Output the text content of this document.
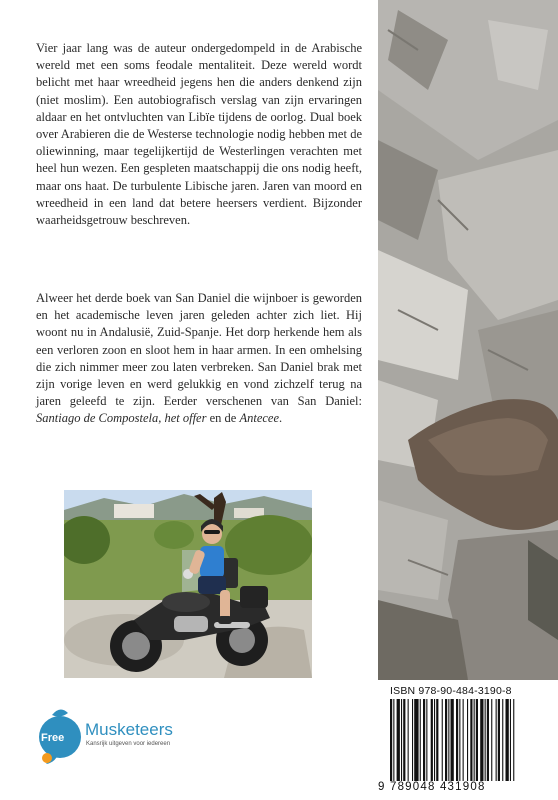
Vier jaar lang was de auteur ondergedompeld in de Arabische wereld met een soms feodale mentaliteit. Deze wereld wordt belicht met haar wreedheid jegens hen die anders denkend zijn (niet moslim). Een autobiografisch verslag van zijn ervaringen aldaar en het ontvluchten van Libïe tijdens de oorlog. Dual boek over Arabieren die de Westerse technologie nodig hebben met de oliewinning, maar tegelijkertijd de Westerlingen verachten met heel hun wezen. Een gespleten maatschappij die ons nodig heeft, maar ons haat. De turbulente Libische jaren. Jaren van moord en wreedheid in een land dat betere heersers verdient. Bijzonder waarheidsgetrouw beschreven.

Alweer het derde boek van San Daniel die wijnboer is geworden en het academische leven jaren geleden achter zich liet. Hij woont nu in Andalusië, Zuid-Spanje. Het dorp herkende hem als een verloren zoon en sloot hem in haar armen. In een omhelsing die zich nimmer meer zou laten verbreken. San Daniel brak met zijn vorige leven en werd gelukkig en vond zichzelf terug na jaren geleefd te zijn. Eerder verschenen van San Daniel: Santiago de Compostela, het offer en de Antecee.

ISBN 978-90-484-3190-8
9 789048 431908
Free Musketeers
Kansrijk uitgeven voor iedereen
